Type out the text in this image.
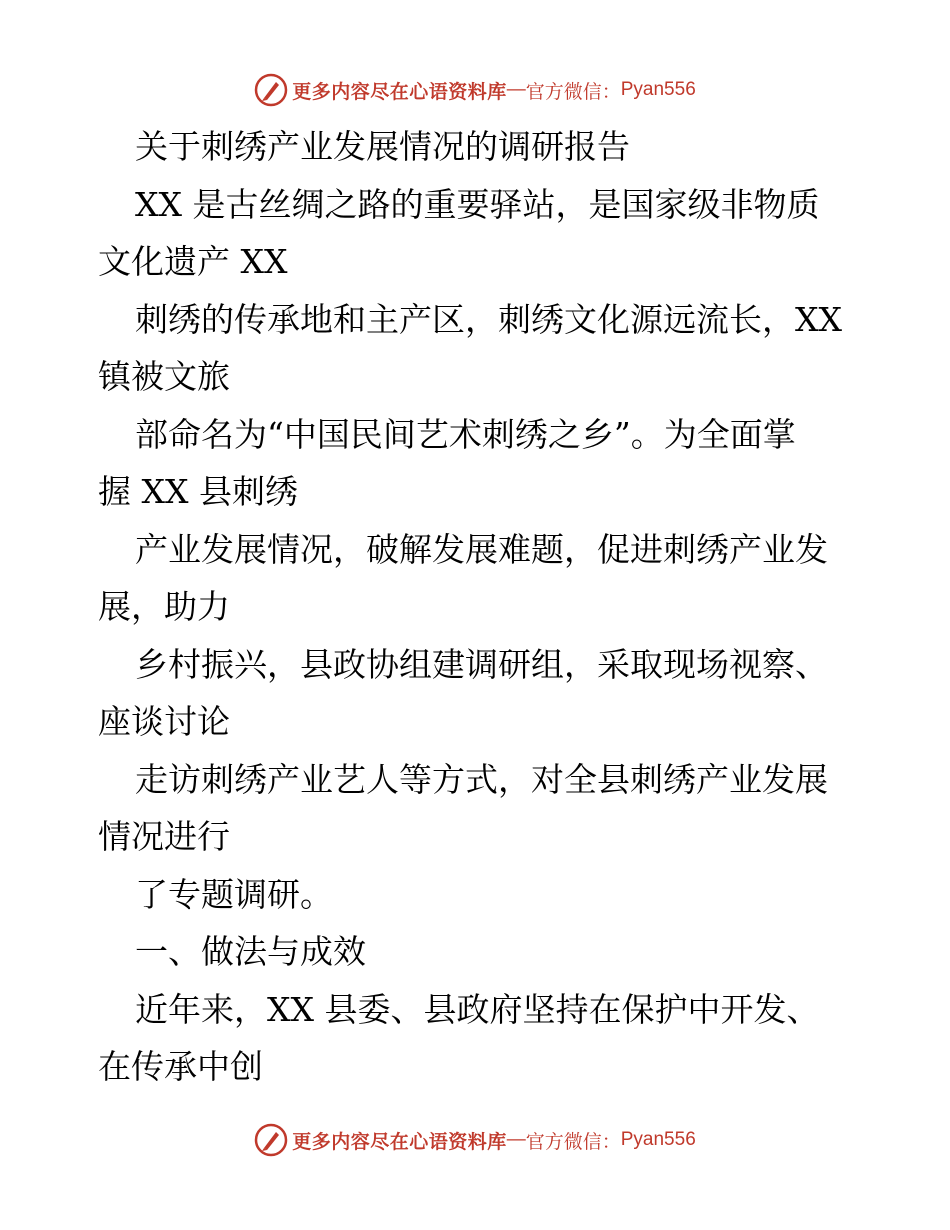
更多内容尽在心语资料库 — 官方微信： Pyan556
关于刺绣产业发展情况的调研报告
XX 是古丝绸之路的重要驿站，是国家级非物质
文化遗产 XX
刺绣的传承地和主产区，刺绣文化源远流长，XX
镇被文旅
部命名为“中国民间艺术刺绣之乡”。为全面掌
握 XX 县刺绣
产业发展情况，破解发展难题，促进刺绣产业发
展，助力
乡村振兴，县政协组建调研组，采取现场视察、
座谈讨论
走访刺绣产业艺人等方式，对全县刺绣产业发展
情况进行
了专题调研。
一、做法与成效
近年来，XX 县委、县政府坚持在保护中开发、
在传承中创
更多内容尽在心语资料库 — 官方微信： Pyan556
